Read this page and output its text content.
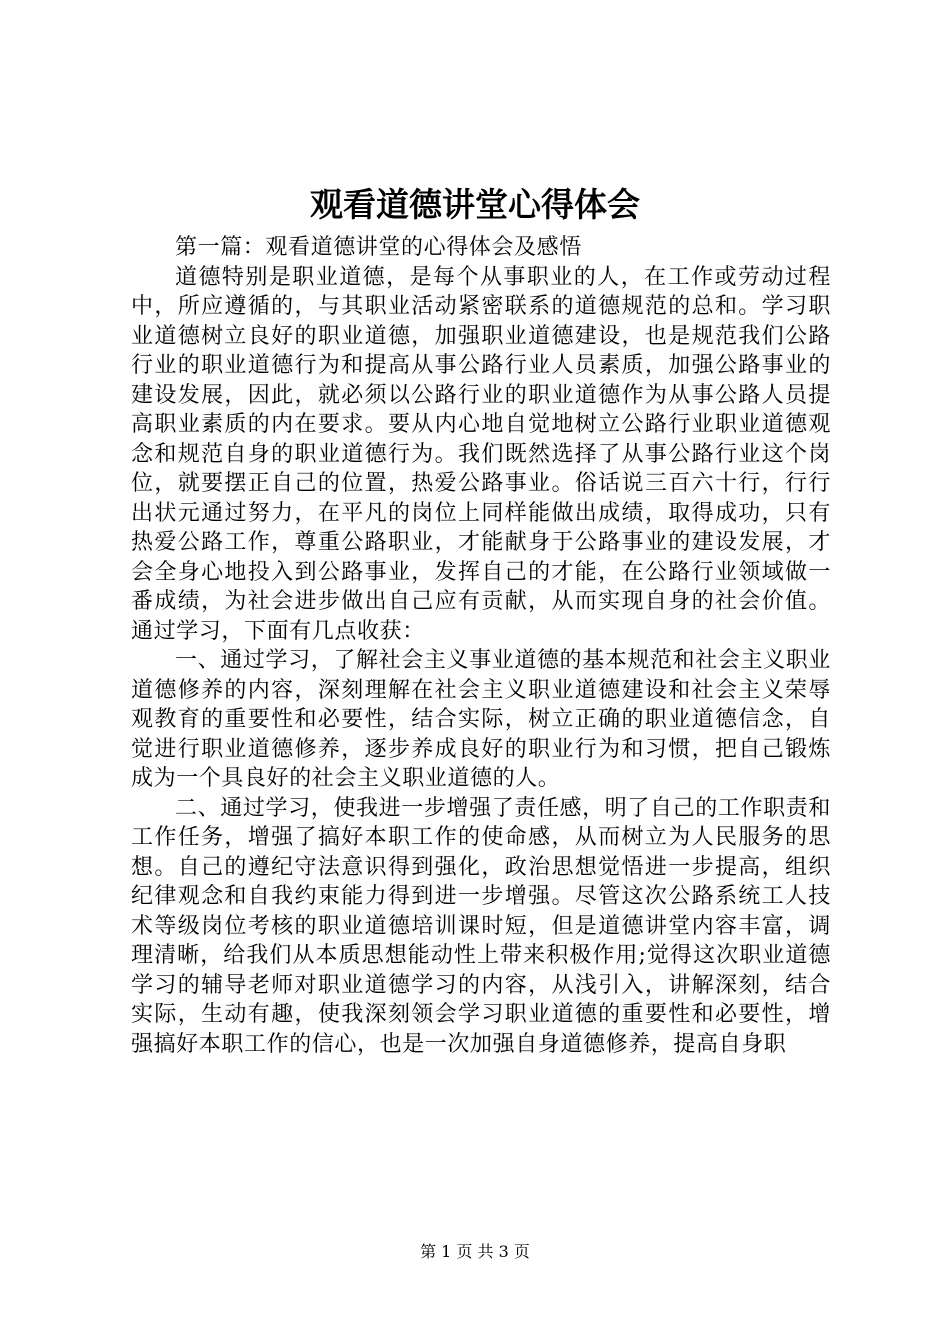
观看道德讲堂心得体会

第一篇：观看道德讲堂的心得体会及感悟

道德特别是职业道德，是每个从事职业的人，在工作或劳动过程中，所应遵循的，与其职业活动紧密联系的道德规范的总和。学习职业道德树立良好的职业道德，加强职业道德建设，也是规范我们公路行业的职业道德行为和提高从事公路行业人员素质，加强公路事业的建设发展，因此，就必须以公路行业的职业道德作为从事公路人员提高职业素质的内在要求。要从内心地自觉地树立公路行业职业道德观念和规范自身的职业道德行为。我们既然选择了从事公路行业这个岗位，就要摆正自己的位置，热爱公路事业。俗话说三百六十行，行行出状元通过努力，在平凡的岗位上同样能做出成绩，取得成功，只有热爱公路工作，尊重公路职业，才能献身于公路事业的建设发展，才会全身心地投入到公路事业，发挥自己的才能，在公路行业领域做一番成绩，为社会进步做出自己应有贡献，从而实现自身的社会价值。通过学习，下面有几点收获：

一、通过学习，了解社会主义事业道德的基本规范和社会主义职业道德修养的内容，深刻理解在社会主义职业道德建设和社会主义荣辱观教育的重要性和必要性，结合实际，树立正确的职业道德信念，自觉进行职业道德修养，逐步养成良好的职业行为和习惯，把自己锻炼成为一个具良好的社会主义职业道德的人。

二、通过学习，使我进一步增强了责任感，明了自己的工作职责和工作任务，增强了搞好本职工作的使命感，从而树立为人民服务的思想。自己的遵纪守法意识得到强化，政治思想觉悟进一步提高，组织纪律观念和自我约束能力得到进一步增强。尽管这次公路系统工人技术等级岗位考核的职业道德培训课时短，但是道德讲堂内容丰富，调理清晰，给我们从本质思想能动性上带来积极作用;觉得这次职业道德学习的辅导老师对职业道德学习的内容，从浅引入，讲解深刻，结合实际，生动有趣，使我深刻领会学习职业道德的重要性和必要性，增强搞好本职工作的信心，也是一次加强自身道德修养，提高自身职

第 1 页 共 3 页
